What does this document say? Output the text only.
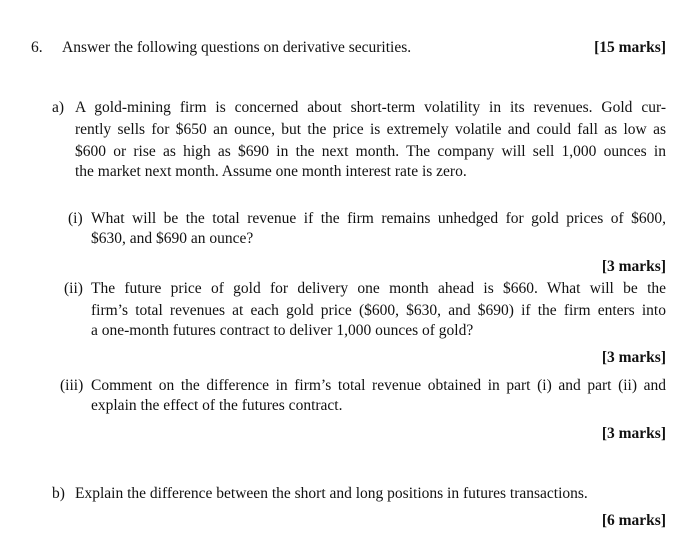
6. Answer the following questions on derivative securities.	[15 marks]
a) A gold-mining firm is concerned about short-term volatility in its revenues. Gold cur-
rently sells for $650 an ounce, but the price is extremely volatile and could fall as low as
$600 or rise as high as $690 in the next month. The company will sell 1,000 ounces in
the market next month. Assume one month interest rate is zero.
(i) What will be the total revenue if the firm remains unhedged for gold prices of $600,
$630, and $690 an ounce?
[3 marks]
(ii) The future price of gold for delivery one month ahead is $660. What will be the
firm’s total revenues at each gold price ($600, $630, and $690) if the firm enters into
a one-month futures contract to deliver 1,000 ounces of gold?
[3 marks]
(iii) Comment on the difference in firm’s total revenue obtained in part (i) and part (ii) and
explain the effect of the futures contract.
[3 marks]
b) Explain the difference between the short and long positions in futures transactions.
[6 marks]
